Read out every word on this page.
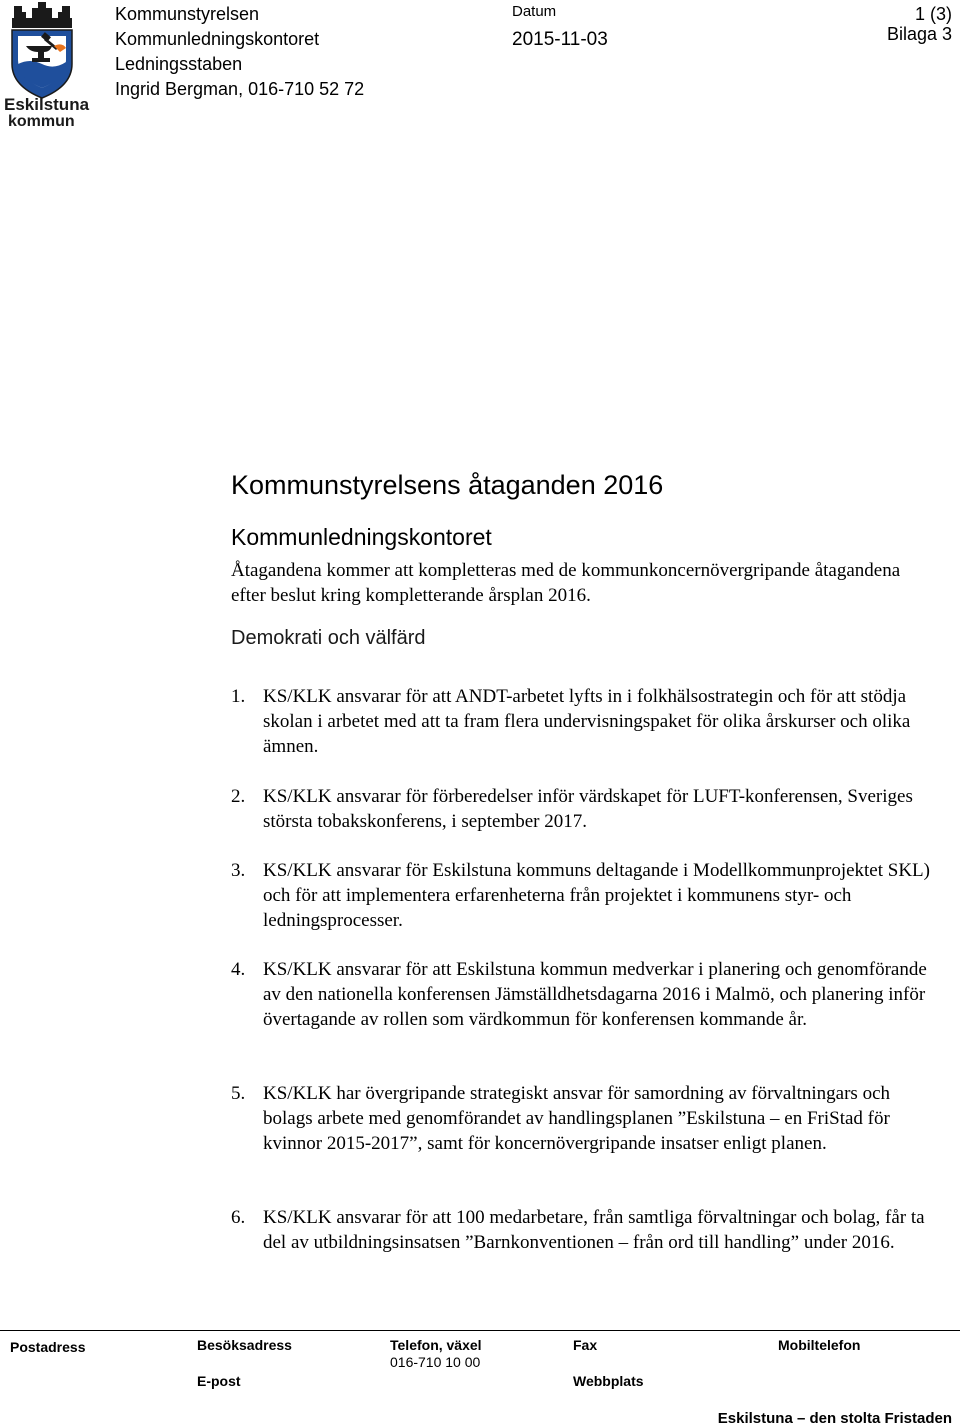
Eskilstuna
kommun
Kommunstyrelsen
Kommunledningskontoret
Ledningsstaben
Ingrid Bergman, 016-710 52 72
Datum
2015-11-03
1 (3)
Bilaga 3
Kommunstyrelsens åtaganden 2016
Kommunledningskontoret
Åtagandena kommer att kompletteras med de kommunkoncernövergripande åtagandena efter beslut kring kompletterande årsplan 2016.
Demokrati och välfärd
1. KS/KLK ansvarar för att ANDT-arbetet lyfts in i folkhälsostrategin och för att stödja skolan i arbetet med att ta fram flera undervisningspaket för olika årskurser och olika ämnen.
2. KS/KLK ansvarar för förberedelser inför värdskapet för LUFT-konferensen, Sveriges största tobakskonferens, i september 2017.
3. KS/KLK ansvarar för Eskilstuna kommuns deltagande i Modellkommunprojektet SKL) och för att implementera erfarenheterna från projektet i kommunens styr- och ledningsprocesser.
4. KS/KLK ansvarar för att Eskilstuna kommun medverkar i planering och genomförande av den nationella konferensen Jämställdhetsdagarna 2016 i Malmö, och planering inför övertagande av rollen som värdkommun för konferensen kommande år.
5. KS/KLK har övergripande strategiskt ansvar för samordning av förvaltningars och bolags arbete med genomförandet av handlingsplanen ”Eskilstuna – en FriStad för kvinnor 2015-2017”, samt för koncernövergripande insatser enligt planen.
6. KS/KLK ansvarar för att 100 medarbetare, från samtliga förvaltningar och bolag, får ta del av utbildningsinsatsen ”Barnkonventionen – från ord till handling” under 2016.
Postadress	Besöksadress	Telefon, växel
016-710 10 00
Fax	Mobiltelefon
E-post	Webbplats
Eskilstuna – den stolta Fristaden
